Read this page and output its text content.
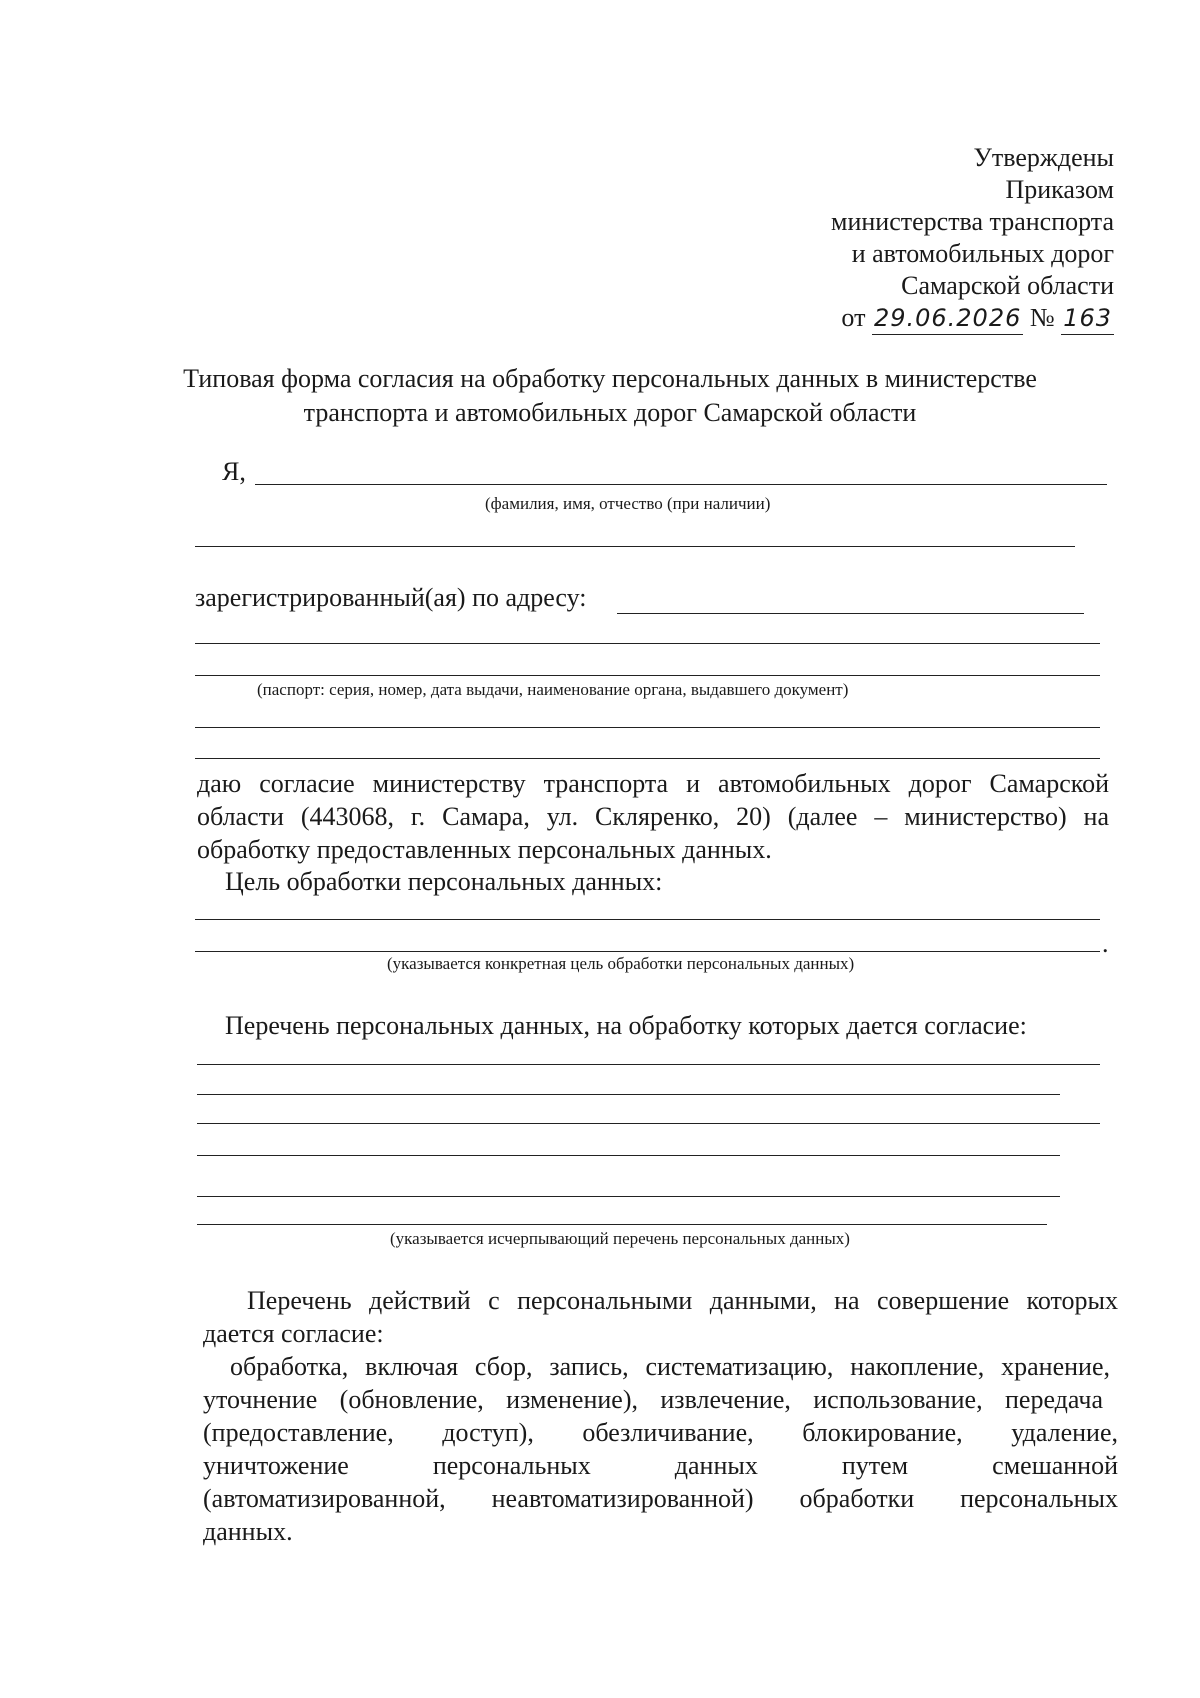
Утверждены
Приказом
министерства транспорта
и автомобильных дорог
Самарской области
от 29.06.2026 № 163
Типовая форма согласия на обработку персональных данных в министерстве
транспорта и автомобильных дорог Самарской области
Я,
(фамилия, имя, отчество (при наличии)
зарегистрированный(ая) по адресу:
(паспорт: серия, номер, дата выдачи, наименование органа, выдавшего документ)
даю согласие министерству транспорта и автомобильных дорог Самарской
области (443068, г. Самара, ул. Скляренко, 20) (далее – министерство) на
обработку предоставленных персональных данных.
Цель обработки персональных данных:
.
(указывается конкретная цель обработки персональных данных)
Перечень персональных данных, на обработку которых дается согласие:
(указывается исчерпывающий перечень персональных данных)
Перечень действий с персональными данными, на совершение которых
дается согласие:
обработка, включая сбор, запись, систематизацию, накопление, хранение,
уточнение (обновление, изменение), извлечение, использование, передача
(предоставление, доступ), обезличивание, блокирование, удаление,
уничтожение персональных данных путем смешанной
(автоматизированной, неавтоматизированной) обработки персональных
данных.
